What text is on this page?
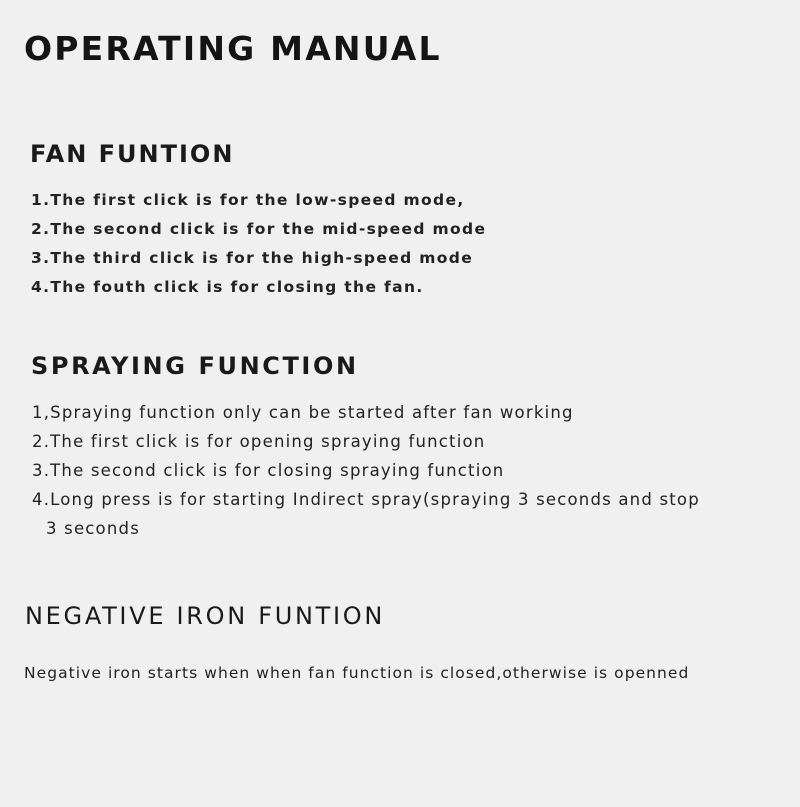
OPERATING MANUAL
FAN FUNTION
1.The first click is for the low-speed mode,
2.The second click is for the mid-speed mode
3.The third click is for the high-speed mode
4.The fouth click is for closing the fan.
SPRAYING FUNCTION
1,Spraying function only can be started after fan working
2.The first click is for opening spraying function
3.The second click is for closing spraying function
4.Long press is for starting Indirect spray(spraying 3 seconds and stop
3 seconds
NEGATIVE IRON FUNTION

Negative iron starts when when fan function is closed,otherwise is openned
